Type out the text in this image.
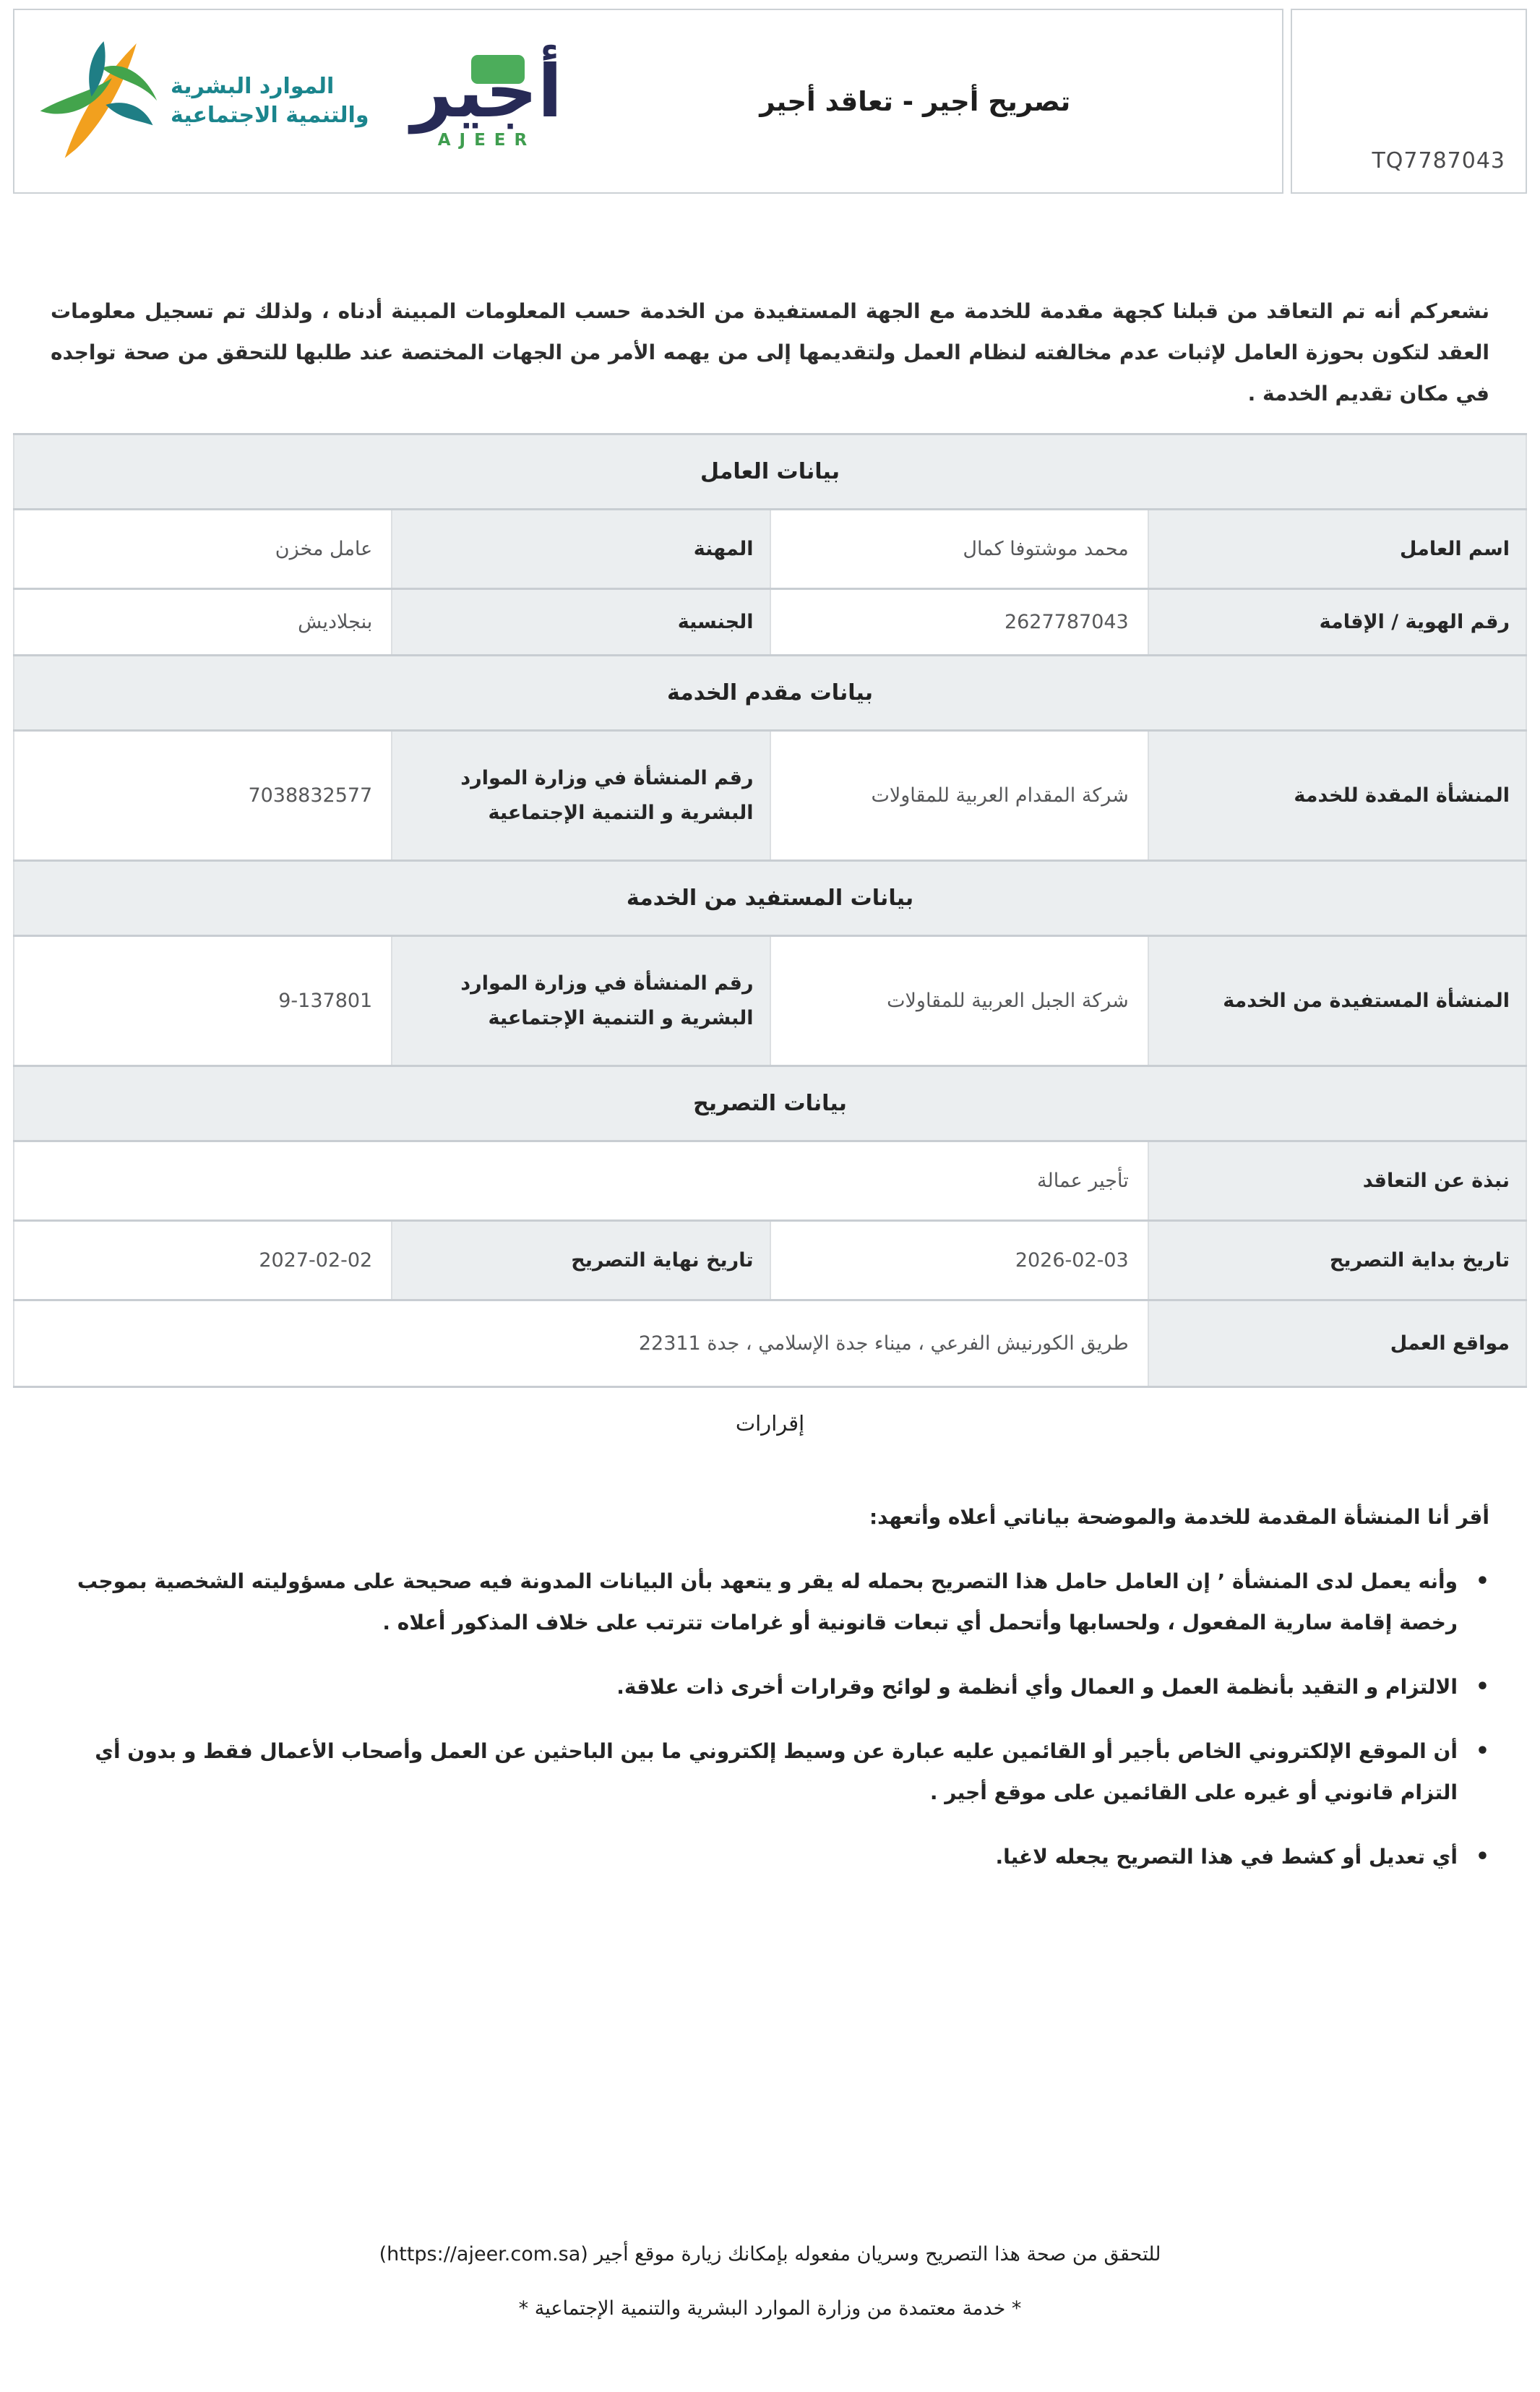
TQ7787043
تصريح أجير - تعاقد أجير
أجير
AJEER
الموارد البشرية
والتنمية الاجتماعية

نشعركم أنه تم التعاقد من قبلنا كجهة مقدمة للخدمة مع الجهة المستفيدة من الخدمة حسب المعلومات المبينة أدناه ، ولذلك تم تسجيل معلومات العقد لتكون بحوزة العامل لإثبات عدم مخالفته لنظام العمل ولتقديمها إلى من يهمه الأمر من الجهات المختصة عند طلبها للتحقق من صحة تواجده في مكان تقديم الخدمة .

بيانات العامل			
اسم العامل	محمد موشتوفا كمال	المهنة	عامل مخزن
رقم الهوية / الإقامة	2627787043	الجنسية	بنجلاديش
بيانات مقدم الخدمة			
المنشأة المقدة للخدمة	شركة المقدام العربية للمقاولات	رقم المنشأة في وزارة الموارد البشرية و التنمية الإجتماعية	7038832577
بيانات المستفيد من الخدمة			
المنشأة المستفيدة من الخدمة	شركة الجبل العربية للمقاولات	رقم المنشأة في وزارة الموارد البشرية و التنمية الإجتماعية	9-137801
بيانات التصريح			
نبذة عن التعاقد	تأجير عمالة		
تاريخ بداية التصريح	2026-02-03	تاريخ نهاية التصريح	2027-02-02
مواقع العمل	طريق الكورنيش الفرعي ، ميناء جدة الإسلامي ، جدة 22311		
إقرارات
أقر أنا المنشأة المقدمة للخدمة والموضحة بياناتي أعلاه وأتعهد:
• وأنه يعمل لدى المنشأة ’ إن العامل حامل هذا التصريح بحمله له يقر و يتعهد بأن البيانات المدونة فيه صحيحة على مسؤوليته الشخصية بموجب رخصة إقامة سارية المفعول ، ولحسابها وأتحمل أي تبعات قانونية أو غرامات تترتب على خلاف المذكور أعلاه .
• الالتزام و التقيد بأنظمة العمل و العمال وأي أنظمة و لوائح وقرارات أخرى ذات علاقة.
• أن الموقع الإلكتروني الخاص بأجير أو القائمين عليه عبارة عن وسيط إلكتروني ما بين الباحثين عن العمل وأصحاب الأعمال فقط و بدون أي التزام قانوني أو غيره على القائمين على موقع أجير .
• أي تعديل أو كشط في هذا التصريح يجعله لاغيا.
للتحقق من صحة هذا التصريح وسريان مفعوله بإمكانك زيارة موقع أجير (https://ajeer.com.sa)
* خدمة معتمدة من وزارة الموارد البشرية والتنمية الإجتماعية *
